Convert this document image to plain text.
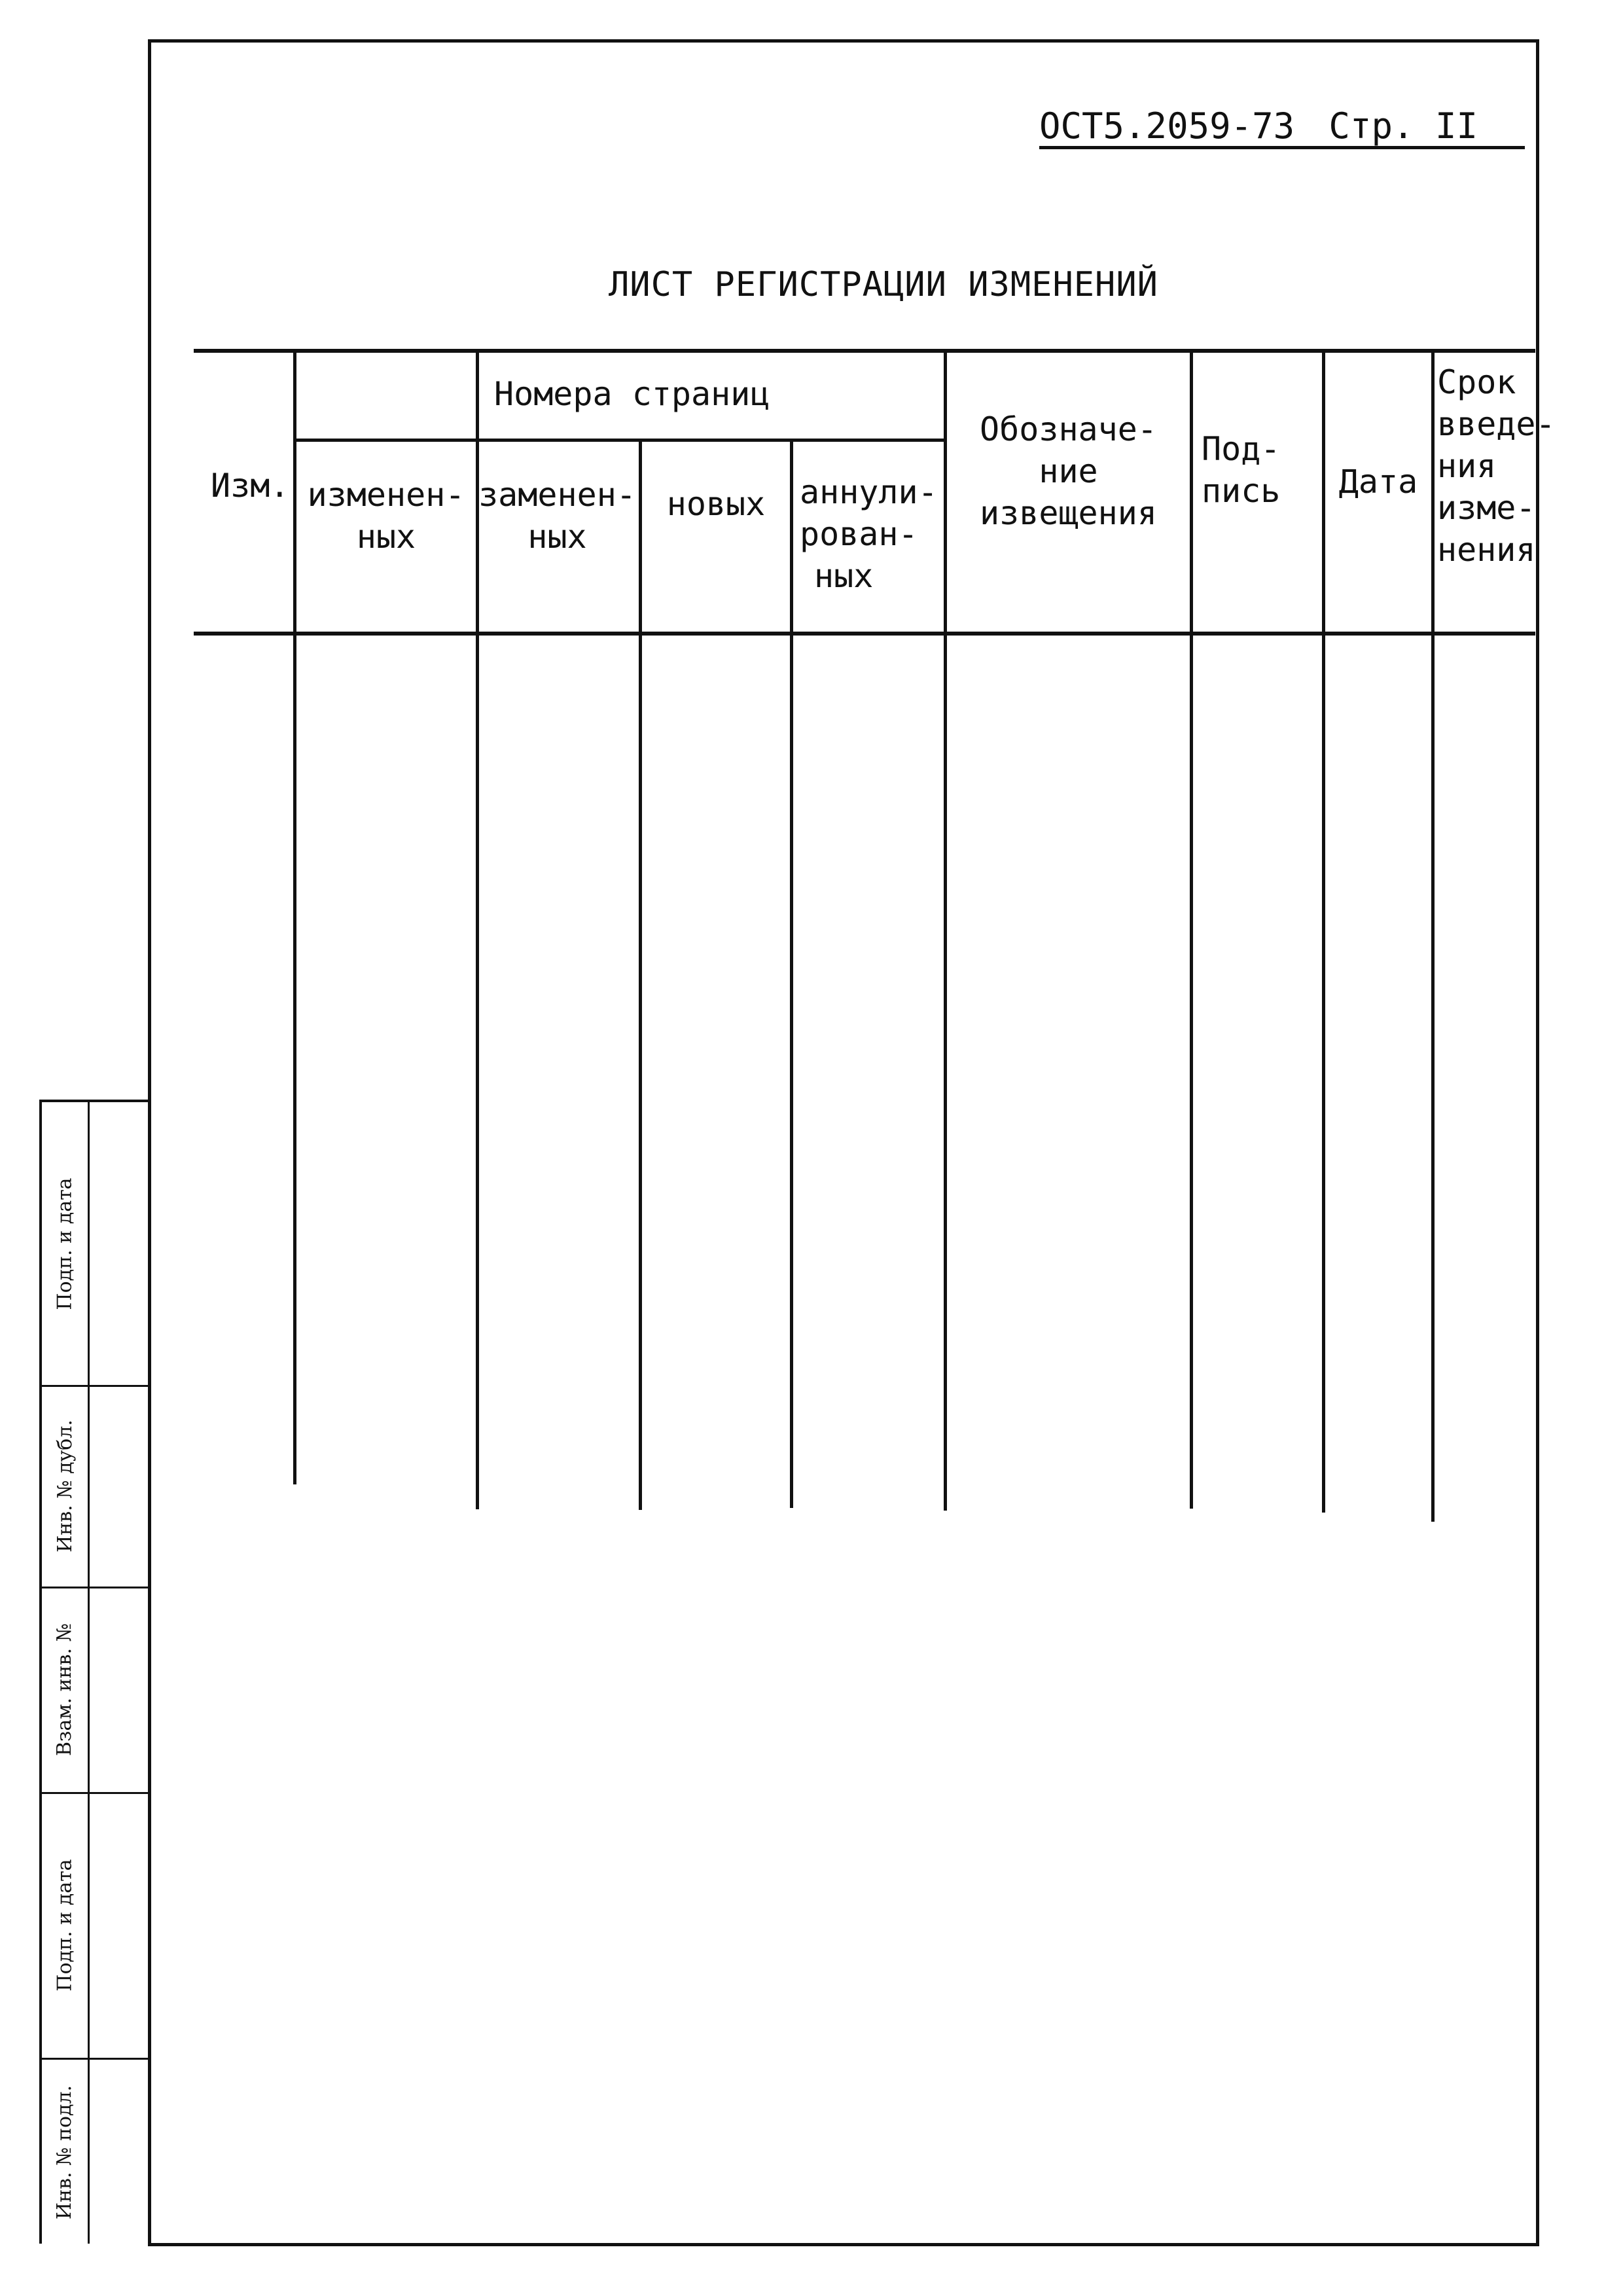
ОСТ5.2059-73 Стр. II
ЛИСТ РЕГИСТРАЦИИ ИЗМЕНЕНИЙ
Изм.
Номера страниц
изменен-
ных
заменен-
ных
новых	аннули-
рован-
ных
Обозначе-
ние
извещения
Под-
пись	Дата
Срок
введе-
ния
изме-
нения
Подп. и дата
Инв. № дубл.
Взам. инв. №
Подп. и дата
Инв. № подл.
